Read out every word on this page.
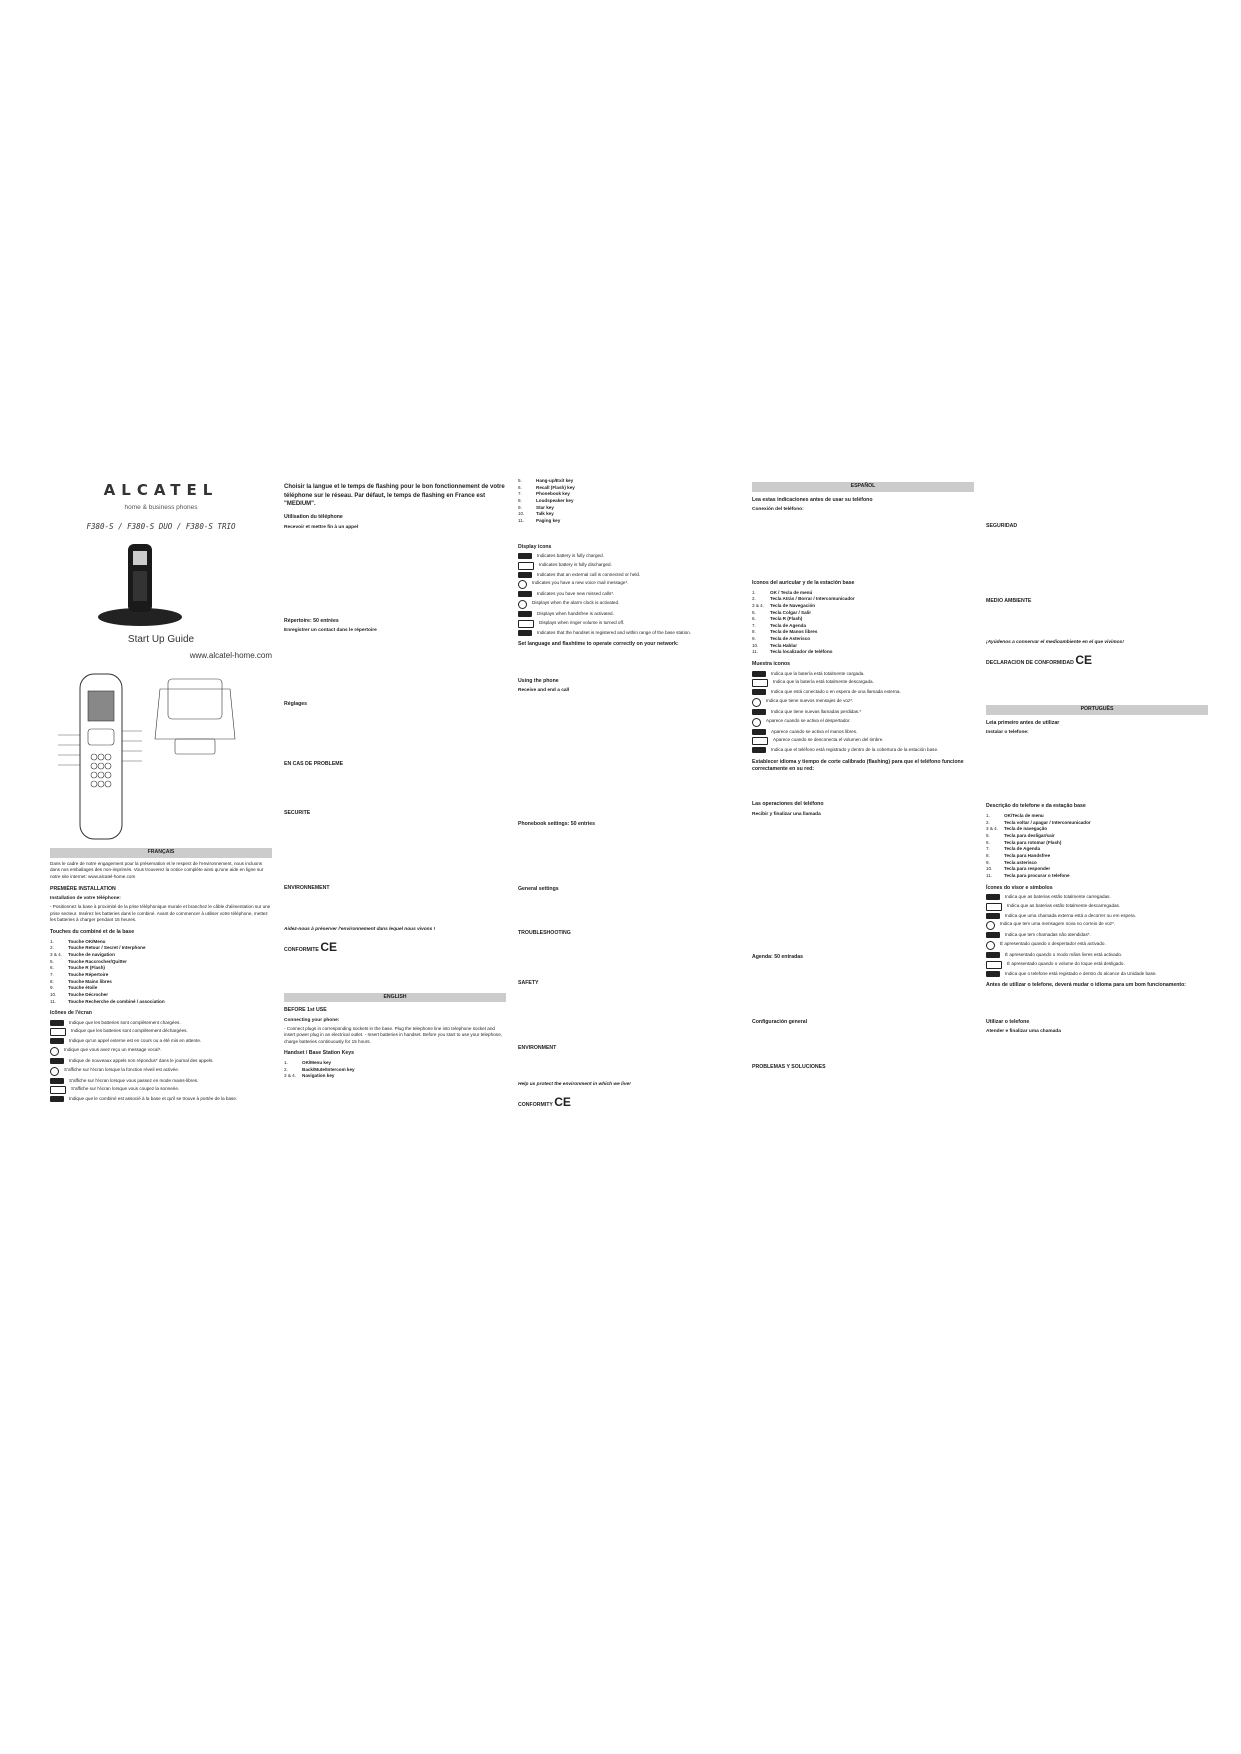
ALCATEL
home & business phones
F380-S / F380-S DUO / F380-S TRIO
Start Up Guide
www.alcatel-home.com
FRANÇAIS

Dans le cadre de notre engagement pour la préservation et le respect de l'environnement, nous incluons dans nos emballages des non-imprimés. Vous trouverez la notice complète ainsi qu'une aide en ligne sur notre site internet: www.alcatel-home.com

PREMIÈRE INSTALLATION
Installation de votre téléphone:

- Positionnez la base à proximité de la prise téléphonique murale et branchez le câble d'alimentation sur une prise secteur. Insérez les batteries dans le combiné. Avant de commencer à utiliser votre téléphone, mettez les batteries à charger pendant 15 heures.

Touches du combiné et de la base
1.	Touche OK/Menu
2.	Touche Retour / Secret / Interphone
3 & 4.	Touche de navigation
5.	Touche Raccrocher/Quitter
6.	Touche R (Flash)
7.	Touche Répertoire
8.	Touche Mains libres
9.	Touche étoile
10.	Touche Décrocher
11.	Touche Recherche de combiné / association
Icônes de l'écran
Indique que les batteries sont complètement chargées.
Indique que les batteries sont complètement déchargées.
Indique qu'un appel externe est en cours ou a été mis en attente.
Indique que vous avez reçu un message vocal*.
Indique de nouveaux appels non répondus* dans le journal des appels.
S'affiche sur l'écran lorsque la fonction réveil est activée.
S'affiche sur l'écran lorsque vous passez en mode mains-libres.
S'affiche sur l'écran lorsque vous coupez la sonnerie.
Indique que le combiné est associé à la base et qu'il se trouve à portée de la base.
Choisir la langue et le temps de flashing pour le bon fonctionnement de votre téléphone sur le réseau. Par défaut, le temps de flashing en France est "MEDIUM".
Utilisation du téléphone
Recevoir et mettre fin à un appel

Répertoire: 50 entrées
Enregistrer un contact dans le répertoire

Réglages

EN CAS DE PROBLEME

SECURITE

ENVIRONNEMENT

Aidez-nous à préserver l'environnement dans lequel nous vivons !
CONFORMITE CE

ENGLISH
BEFORE 1st USE
Connecting your phone:

- Connect plugs in corresponding sockets in the base. Plug the telephone line into telephone socket and insert power plug in an electrical outlet. - Insert batteries in handset. Before you start to use your telephone, charge batteries continuously for 15 hours.

Handset / Base Station Keys
1.	OK/Menu key
2.	Back/Mute/Intercom key
3 & 4.	Navigation key
5.	Hang-up/Exit key
6.	Recall (Flash) key
7.	Phonebook key
8.	Loudspeaker key
9.	Star key
10.	Talk key
11.	Paging key

Display icons
Indicates battery is fully charged.
Indicates battery is fully discharged.
Indicates that an external call is connected or held.
Indicates you have a new voice mail message*.
Indicates you have new missed calls*.
Displays when the alarm clock is activated.
Displays when handsfree is activated.
Displays when ringer volume is turned off.
Indicates that the handset is registered and within range of the base station.
Set language and flashtime to operate correctly on your network:

Using the phone
Receive and end a call

Phonebook settings: 50 entries

General settings

TROUBLESHOOTING

SAFETY

ENVIRONMENT

Help us protect the environment in which we live!
CONFORMITY CE
ESPAÑOL
Lea estas indicaciones antes de usar su teléfono
Conexión del teléfono:

Iconos del auricular y de la estación base
1.	OK / Tecla de menú
2.	Tecla Atrás / Borrar / Intercomunicador
3 & 4.	Tecla de Navegación
5.	Tecla Colgar / Salir
6.	Tecla R (Flash)
7.	Tecla de Agenda
8.	Tecla de Manos libres
9.	Tecla de Asterisco
10.	Tecla Hablar
11.	Tecla localizador de teléfono
Muestra iconos
Indica que la batería está totalmente cargada.
Indica que la batería está totalmente descargada.
Indica que está conectado o en espera de una llamada externa.
Indica que tiene nuevos mensajes de voz*.
Indica que tiene nuevas llamadas perdidas.*
Aparece cuando se activa el despertador.
Aparece cuando se activa el manos libres.
Aparece cuando se desconecta el volumen del timbre.
Indica que el teléfono está registrado y dentro de la cobertura de la estación base.
Establecer idioma y tiempo de corte calibrado (flashing) para que el teléfono funcione correctamente en su red:

Las operaciones del teléfono
Recibir y finalizar una llamada

Agenda: 50 entradas

Configuración general

PROBLEMAS Y SOLUCIONES

SEGURIDAD

MEDIO AMBIENTE

¡Ayúdenos a conservar el medioambiente en el que vivimos!
DECLARACION DE CONFORMIDAD CE

PORTUGUÊS
Leia primeiro antes de utilizar
Instalar o telefone:

Descrição do telefone e da estação base
1.	OK/Tecla de menu
2.	Tecla voltar / apagar / Intercomunicador
3 & 4.	Tecla de navegação
5.	Tecla para desligar/sair
6.	Tecla para rotomar (Flash)
7.	Tecla de Agenda
8.	Tecla para Handsfree
9.	Tecla asterisco
10.	Tecla para responder
11.	Tecla para procurar o telefone
Ícones do visor e símbolos
Indica que as baterias estão totalmente carregadas.
Indica que as baterias estão totalmente descarregadas.
Indica que uma chamada externa está a decorrer ou em espera.
Indica que tem uma mensagem nova no correio de voz*.
Indica que tem chamadas não atendidas*.
É apresentado quando o despertador está activado.
É apresentado quando o modo mãos livres está activado.
É apresentado quando o volume do toque está desligado.
Indica que o telefone está registado e dentro do alcance da Unidade base.
Antes de utilizar o telefone, deverá mudar o idioma para um bom funcionamento:

Utilizar o telefone
Atender e finalizar uma chamada
